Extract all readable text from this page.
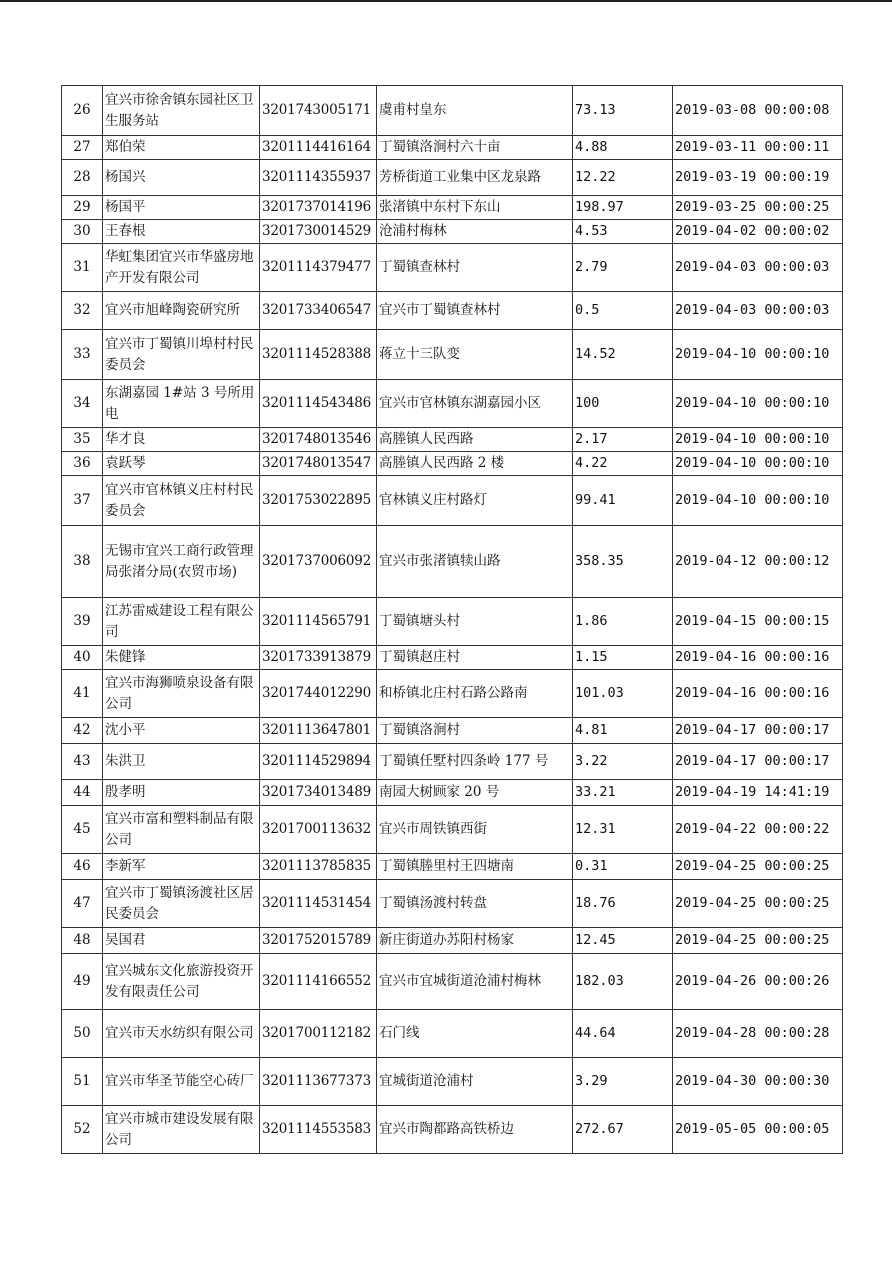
26	宜兴市徐舍镇东园社区卫生服务站	3201743005171	虞甫村皇东	73.13	2019-03-08 00:00:08
27	郑伯荣	3201114416164	丁蜀镇洛涧村六十亩	4.88	2019-03-11 00:00:11
28	杨国兴	3201114355937	芳桥街道工业集中区龙泉路	12.22	2019-03-19 00:00:19
29	杨国平	3201737014196	张渚镇中东村下东山	198.97	2019-03-25 00:00:25
30	王春根	3201730014529	沧浦村梅林	4.53	2019-04-02 00:00:02
31	华虹集团宜兴市华盛房地产开发有限公司	3201114379477	丁蜀镇查林村	2.79	2019-04-03 00:00:03
32	宜兴市旭峰陶瓷研究所	3201733406547	宜兴市丁蜀镇查林村	0.5	2019-04-03 00:00:03
33	宜兴市丁蜀镇川埠村村民委员会	3201114528388	蒋立十三队变	14.52	2019-04-10 00:00:10
34	东湖嘉园 1#站 3 号所用电	3201114543486	宜兴市官林镇东湖嘉园小区	100	2019-04-10 00:00:10
35	华才良	3201748013546	高塍镇人民西路	2.17	2019-04-10 00:00:10
36	袁跃琴	3201748013547	高塍镇人民西路 2 楼	4.22	2019-04-10 00:00:10
37	宜兴市官林镇义庄村村民委员会	3201753022895	官林镇义庄村路灯	99.41	2019-04-10 00:00:10
38	无锡市宜兴工商行政管理局张渚分局(农贸市场)	3201737006092	宜兴市张渚镇犊山路	358.35	2019-04-12 00:00:12
39	江苏雷威建设工程有限公司	3201114565791	丁蜀镇塘头村	1.86	2019-04-15 00:00:15
40	朱健锋	3201733913879	丁蜀镇赵庄村	1.15	2019-04-16 00:00:16
41	宜兴市海狮喷泉设备有限公司	3201744012290	和桥镇北庄村石路公路南	101.03	2019-04-16 00:00:16
42	沈小平	3201113647801	丁蜀镇洛涧村	4.81	2019-04-17 00:00:17
43	朱洪卫	3201114529894	丁蜀镇任墅村四条岭 177 号	3.22	2019-04-17 00:00:17
44	殷孝明	3201734013489	南园大树顾家 20 号	33.21	2019-04-19 14:41:19
45	宜兴市富和塑料制品有限公司	3201700113632	宜兴市周铁镇西街	12.31	2019-04-22 00:00:22
46	李新军	3201113785835	丁蜀镇塍里村王四塘南	0.31	2019-04-25 00:00:25
47	宜兴市丁蜀镇汤渡社区居民委员会	3201114531454	丁蜀镇汤渡村转盘	18.76	2019-04-25 00:00:25
48	吴国君	3201752015789	新庄街道办苏阳村杨家	12.45	2019-04-25 00:00:25
49	宜兴城东文化旅游投资开发有限责任公司	3201114166552	宜兴市宜城街道沧浦村梅林	182.03	2019-04-26 00:00:26
50	宜兴市天水纺织有限公司	3201700112182	石门线	44.64	2019-04-28 00:00:28
51	宜兴市华圣节能空心砖厂	3201113677373	宜城街道沧浦村	3.29	2019-04-30 00:00:30
52	宜兴市城市建设发展有限公司	3201114553583	宜兴市陶都路高铁桥边	272.67	2019-05-05 00:00:05
